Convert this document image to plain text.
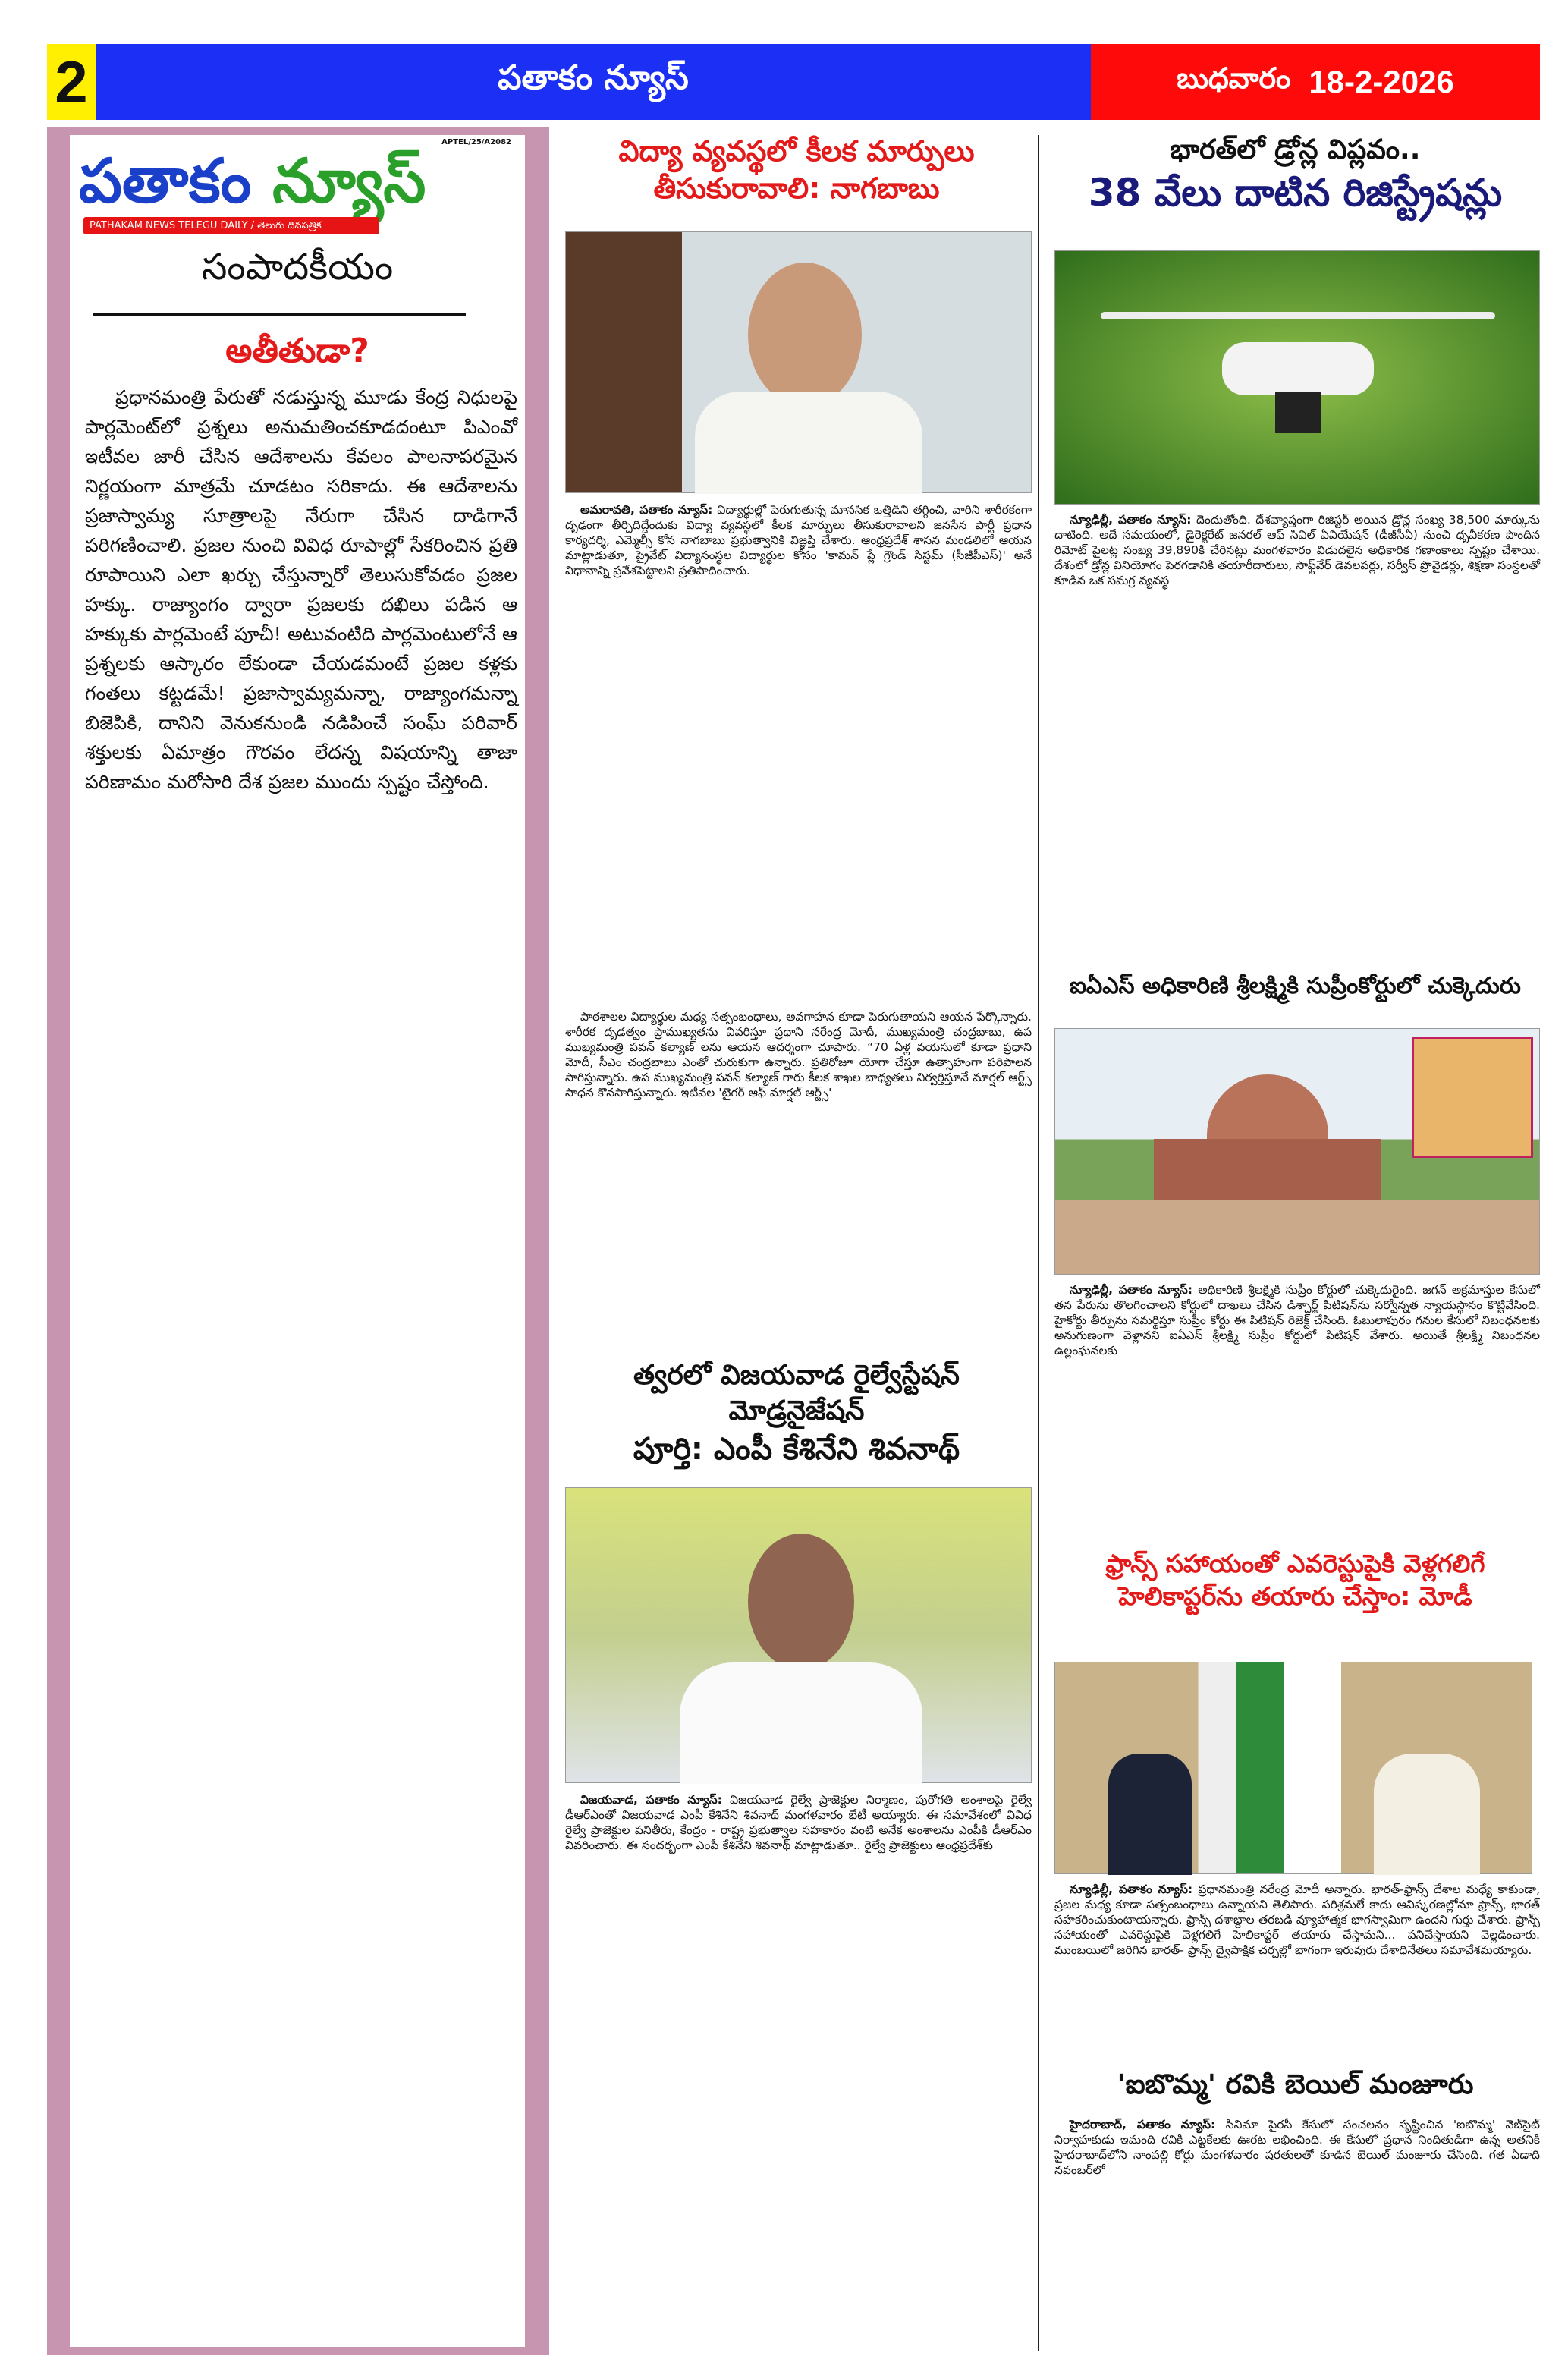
2	పతాకం న్యూస్	బుధవారం 18-2-2026
APTEL/25/A2082
పతాకం న్యూస్
PATHAKAM NEWS TELEGU DAILY / తెలుగు దినపత్రిక
సంపాదకీయం
అతీతుడా?
ప్రధానమంత్రి పేరుతో నడుస్తున్న మూడు కేంద్ర నిధులపై పార్లమెంట్‌లో ప్రశ్నలు అనుమతించకూడదంటూ పిఎంవో ఇటీవల జారీ చేసిన ఆదేశాలను కేవలం పాలనాపరమైన నిర్ణయంగా మాత్రమే చూడటం సరికాదు. ఈ ఆదేశాలను ప్రజాస్వామ్య సూత్రాలపై నేరుగా చేసిన దాడిగానే పరిగణించాలి. ప్రజల నుంచి వివిధ రూపాల్లో సేకరించిన ప్రతి రూపాయిని ఎలా ఖర్చు చేస్తున్నారో తెలుసుకోవడం ప్రజల హక్కు. రాజ్యాంగం ద్వారా ప్రజలకు దఖిలు పడిన ఆ హక్కుకు పార్లమెంటే పూచీ! అటువంటిది పార్లమెంటులోనే ఆ ప్రశ్నలకు ఆస్కారం లేకుండా చేయడమంటే ప్రజల కళ్లకు గంతలు కట్టడమే! ప్రజాస్వామ్యమన్నా, రాజ్యాంగమన్నా బిజెపికి, దానిని వెనుకనుండి నడిపించే సంఘ్ పరివార్ శక్తులకు ఏమాత్రం గౌరవం లేదన్న విషయాన్ని తాజా పరిణామం మరోసారి దేశ ప్రజల ముందు స్పష్టం చేస్తోంది.
విద్యా వ్యవస్థలో కీలక మార్పులు
తీసుకురావాలి: నాగబాబు
అమరావతి, పతాకం న్యూస్: విద్యార్థుల్లో పెరుగుతున్న మానసిక ఒత్తిడిని తగ్గించి, వారిని శారీరకంగా దృఢంగా తీర్చిదిద్దేందుకు విద్యా వ్యవస్థలో కీలక మార్పులు తీసుకురావాలని జనసేన పార్టీ ప్రధాన కార్యదర్శి, ఎమ్మెల్సీ కోన నాగబాబు ప్రభుత్వానికి విజ్ఞప్తి చేశారు. ఆంధ్రప్రదేశ్ శాసన మండలిలో ఆయన మాట్లాడుతూ, ప్రైవేట్ విద్యాసంస్థల విద్యార్థుల కోసం 'కామన్ ప్లే గ్రౌండ్ సిస్టమ్ (సీజీపీఎస్)' అనే విధానాన్ని ప్రవేశపెట్టాలని ప్రతిపాదించారు.
పాఠశాలల విద్యార్థుల మధ్య సత్సంబంధాలు, అవగాహన కూడా పెరుగుతాయని ఆయన పేర్కొన్నారు. శారీరక దృఢత్వం ప్రాముఖ్యతను వివరిస్తూ ప్రధాని నరేంద్ర మోదీ, ముఖ్యమంత్రి చంద్రబాబు, ఉప ముఖ్యమంత్రి పవన్ కల్యాణ్ లను ఆయన ఆదర్శంగా చూపారు. “70 ఏళ్ల వయసులో కూడా ప్రధాని మోదీ, సీఎం చంద్రబాబు ఎంతో చురుకుగా ఉన్నారు. ప్రతిరోజూ యోగా చేస్తూ ఉత్సాహంగా పరిపాలన సాగిస్తున్నారు. ఉప ముఖ్యమంత్రి పవన్ కల్యాణ్ గారు కీలక శాఖల బాధ్యతలు నిర్వర్తిస్తూనే మార్షల్ ఆర్ట్స్ సాధన కొనసాగిస్తున్నారు. ఇటీవల 'టైగర్ ఆఫ్ మార్షల్ ఆర్ట్స్'
త్వరలో విజయవాడ రైల్వేస్టేషన్ మోడ్రనైజేషన్
పూర్తి: ఎంపీ కేశినేని శివనాథ్
విజయవాడ, పతాకం న్యూస్: విజయవాడ రైల్వే ప్రాజెక్టుల నిర్మాణం, పురోగతి అంశాలపై రైల్వే డీఆర్ఎంతో విజయవాడ ఎంపీ కేశినేని శివనాథ్ మంగళవారం భేటీ అయ్యారు. ఈ సమావేశంలో వివిధ రైల్వే ప్రాజెక్టుల పనితీరు, కేంద్రం - రాష్ట్ర ప్రభుత్వాల సహకారం వంటి అనేక అంశాలను ఎంపీకి డీఆర్ఎం వివరించారు. ఈ సందర్భంగా ఎంపీ కేశినేని శివనాథ్ మాట్లాడుతూ.. రైల్వే ప్రాజెక్టులు ఆంధ్రప్రదేశ్‌కు
భారత్‌లో డ్రోన్ల విప్లవం..
38 వేలు దాటిన రిజిస్ట్రేషన్లు
న్యూఢిల్లీ, పతాకం న్యూస్: దెందుతోంది. దేశవ్యాప్తంగా రిజిస్టర్ అయిన డ్రోన్ల సంఖ్య 38,500 మార్కును దాటింది. అదే సమయంలో, డైరెక్టరేట్ జనరల్ ఆఫ్ సివిల్ ఏవియేషన్ (డీజీసీఏ) నుంచి ధృవీకరణ పొందిన రిమోట్ పైలట్ల సంఖ్య 39,890కి చేరినట్లు మంగళవారం విడుదలైన అధికారిక గణాంకాలు స్పష్టం చేశాయి. దేశంలో డ్రోన్ల వినియోగం పెరగడానికి తయారీదారులు, సాఫ్ట్‌వేర్ డెవలపర్లు, సర్వీస్ ప్రొవైడర్లు, శిక్షణా సంస్థలతో కూడిన ఒక సమగ్ర వ్యవస్థ
ఐఏఎస్ అధికారిణి శ్రీలక్ష్మికి సుప్రీంకోర్టులో చుక్కెదురు
న్యూఢిల్లీ, పతాకం న్యూస్: అధికారిణి శ్రీలక్ష్మికి సుప్రీం కోర్టులో చుక్కెదురైంది. జగన్ అక్రమాస్తుల కేసులో తన పేరును తొలగించాలని కోర్టులో దాఖలు చేసిన డిశ్చార్జ్ పిటిషన్‌ను సర్వోన్నత న్యాయస్థానం కొట్టివేసింది. హైకోర్టు తీర్పును సమర్థిస్తూ సుప్రీం కోర్టు ఈ పిటిషన్ రిజెక్ట్ చేసింది. ఓబులాపురం గనుల కేసులో నిబంధనలకు అనుగుణంగా వెళ్లానని ఐఏఎస్ శ్రీలక్ష్మి సుప్రీం కోర్టులో పిటిషన్ వేశారు. అయితే శ్రీలక్ష్మి నిబంధనల ఉల్లంఘనలకు
ఫ్రాన్స్ సహాయంతో ఎవరెస్టుపైకి వెళ్లగలిగే
హెలికాప్టర్‌ను తయారు చేస్తాం: మోడీ
న్యూఢిల్లీ, పతాకం న్యూస్: ప్రధానమంత్రి నరేంద్ర మోదీ అన్నారు. భారత్-ఫ్రాన్స్ దేశాల మధ్యే కాకుండా, ప్రజల మధ్య కూడా సత్సంబంధాలు ఉన్నాయని తెలిపారు. పరిశ్రమలే కాదు ఆవిష్కరణల్లోనూ ఫ్రాన్స్, భారత్ సహకరించుకుంటాయన్నారు. ఫ్రాన్స్ దశాబ్దాల తరబడి వ్యూహాత్మక భాగస్వామిగా ఉందని గుర్తు చేశారు. ఫ్రాన్స్ సహాయంతో ఎవరెస్టుపైకి వెళ్లగలిగే హెలికాప్టర్ తయారు చేస్తామని... పనిచేస్తాయని వెల్లడించారు. ముంబయిలో జరిగిన భారత్- ఫ్రాన్స్ ద్వైపాక్షిక చర్చల్లో భాగంగా ఇరువురు దేశాధినేతలు సమావేశమయ్యారు.
'ఐబొమ్మ' రవికి బెయిల్ మంజూరు
హైదరాబాద్, పతాకం న్యూస్: సినిమా పైరసీ కేసులో సంచలనం సృష్టించిన 'ఐబొమ్మ' వెబ్‌సైట్ నిర్వాహకుడు ఇమంది రవికి ఎట్టకేలకు ఊరట లభించింది. ఈ కేసులో ప్రధాన నిందితుడిగా ఉన్న అతనికి హైదరాబాద్‌లోని నాంపల్లి కోర్టు మంగళవారం షరతులతో కూడిన బెయిల్ మంజూరు చేసింది. గత ఏడాది నవంబర్‌లో
